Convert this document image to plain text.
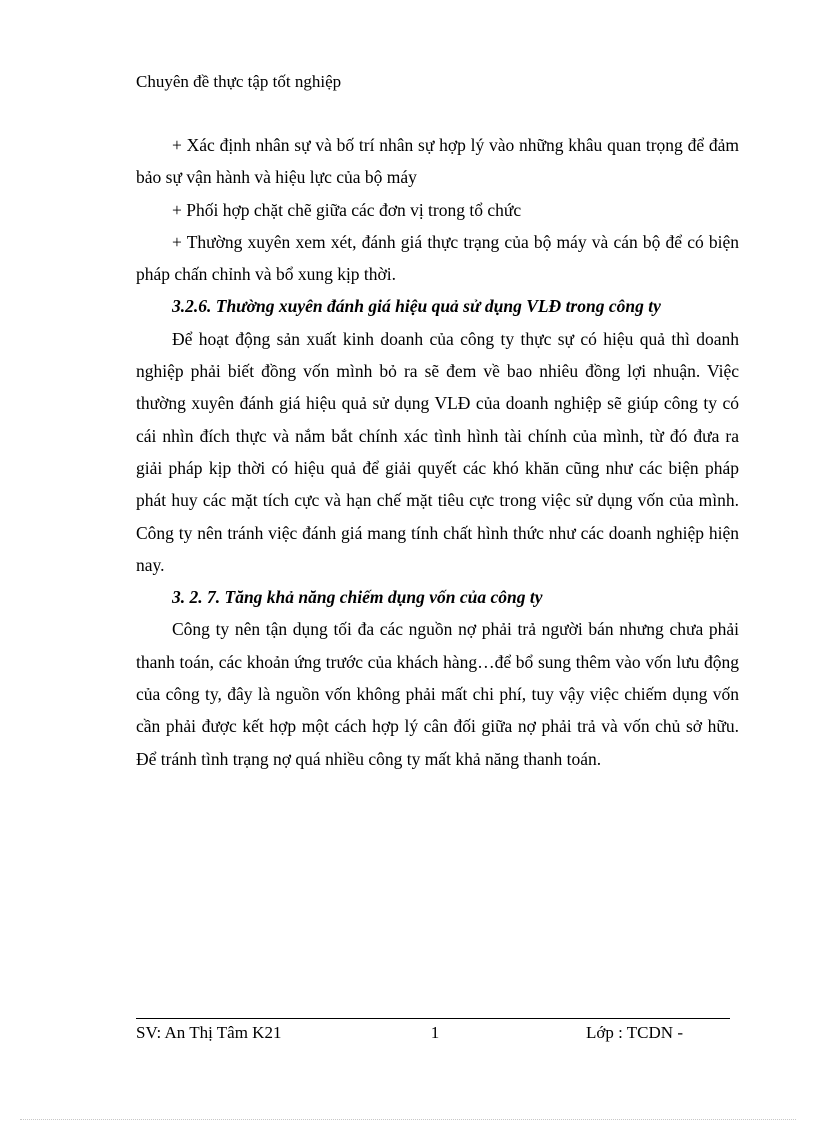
Chuyên đề thực tập tốt nghiệp

+ Xác định nhân sự và bố trí nhân sự hợp lý vào những khâu quan trọng để đảm bảo sự vận hành và hiệu lực của bộ máy

+ Phối hợp chặt chẽ giữa các đơn vị trong tổ chức

+ Thường xuyên xem xét, đánh giá thực trạng của bộ máy và cán bộ để có biện pháp chấn chỉnh và bổ xung kịp thời.

3.2.6. Thường xuyên đánh giá hiệu quả sử dụng VLĐ trong công ty

Để hoạt động sản xuất kinh doanh của công ty thực sự có hiệu quả thì doanh nghiệp phải biết đồng vốn mình bỏ ra sẽ đem về bao nhiêu đồng lợi nhuận. Việc thường xuyên đánh giá hiệu quả sử dụng VLĐ của doanh nghiệp sẽ giúp công ty có cái nhìn đích thực và nắm bắt chính xác tình hình tài chính của mình, từ đó đưa ra giải pháp kịp thời có hiệu quả để giải quyết các khó khăn cũng như các biện pháp phát huy các mặt tích cực và hạn chế mặt tiêu cực trong việc sử dụng vốn của mình. Công ty nên tránh việc đánh giá mang tính chất hình thức như các doanh nghiệp hiện nay.

3. 2. 7. Tăng khả năng chiếm dụng vốn của công ty

Công ty nên tận dụng tối đa các nguồn nợ phải trả người bán nhưng chưa phải thanh toán, các khoản ứng trước của khách hàng…để bổ sung thêm vào vốn lưu động của công ty, đây là nguồn vốn không phải mất chi phí, tuy vậy việc chiếm dụng vốn cần phải được kết hợp một cách hợp lý cân đối giữa nợ phải trả và vốn chủ sở hữu. Để tránh tình trạng nợ quá nhiều công ty mất khả năng thanh toán.

SV: An Thị Tâm K21	1	Lớp : TCDN -
